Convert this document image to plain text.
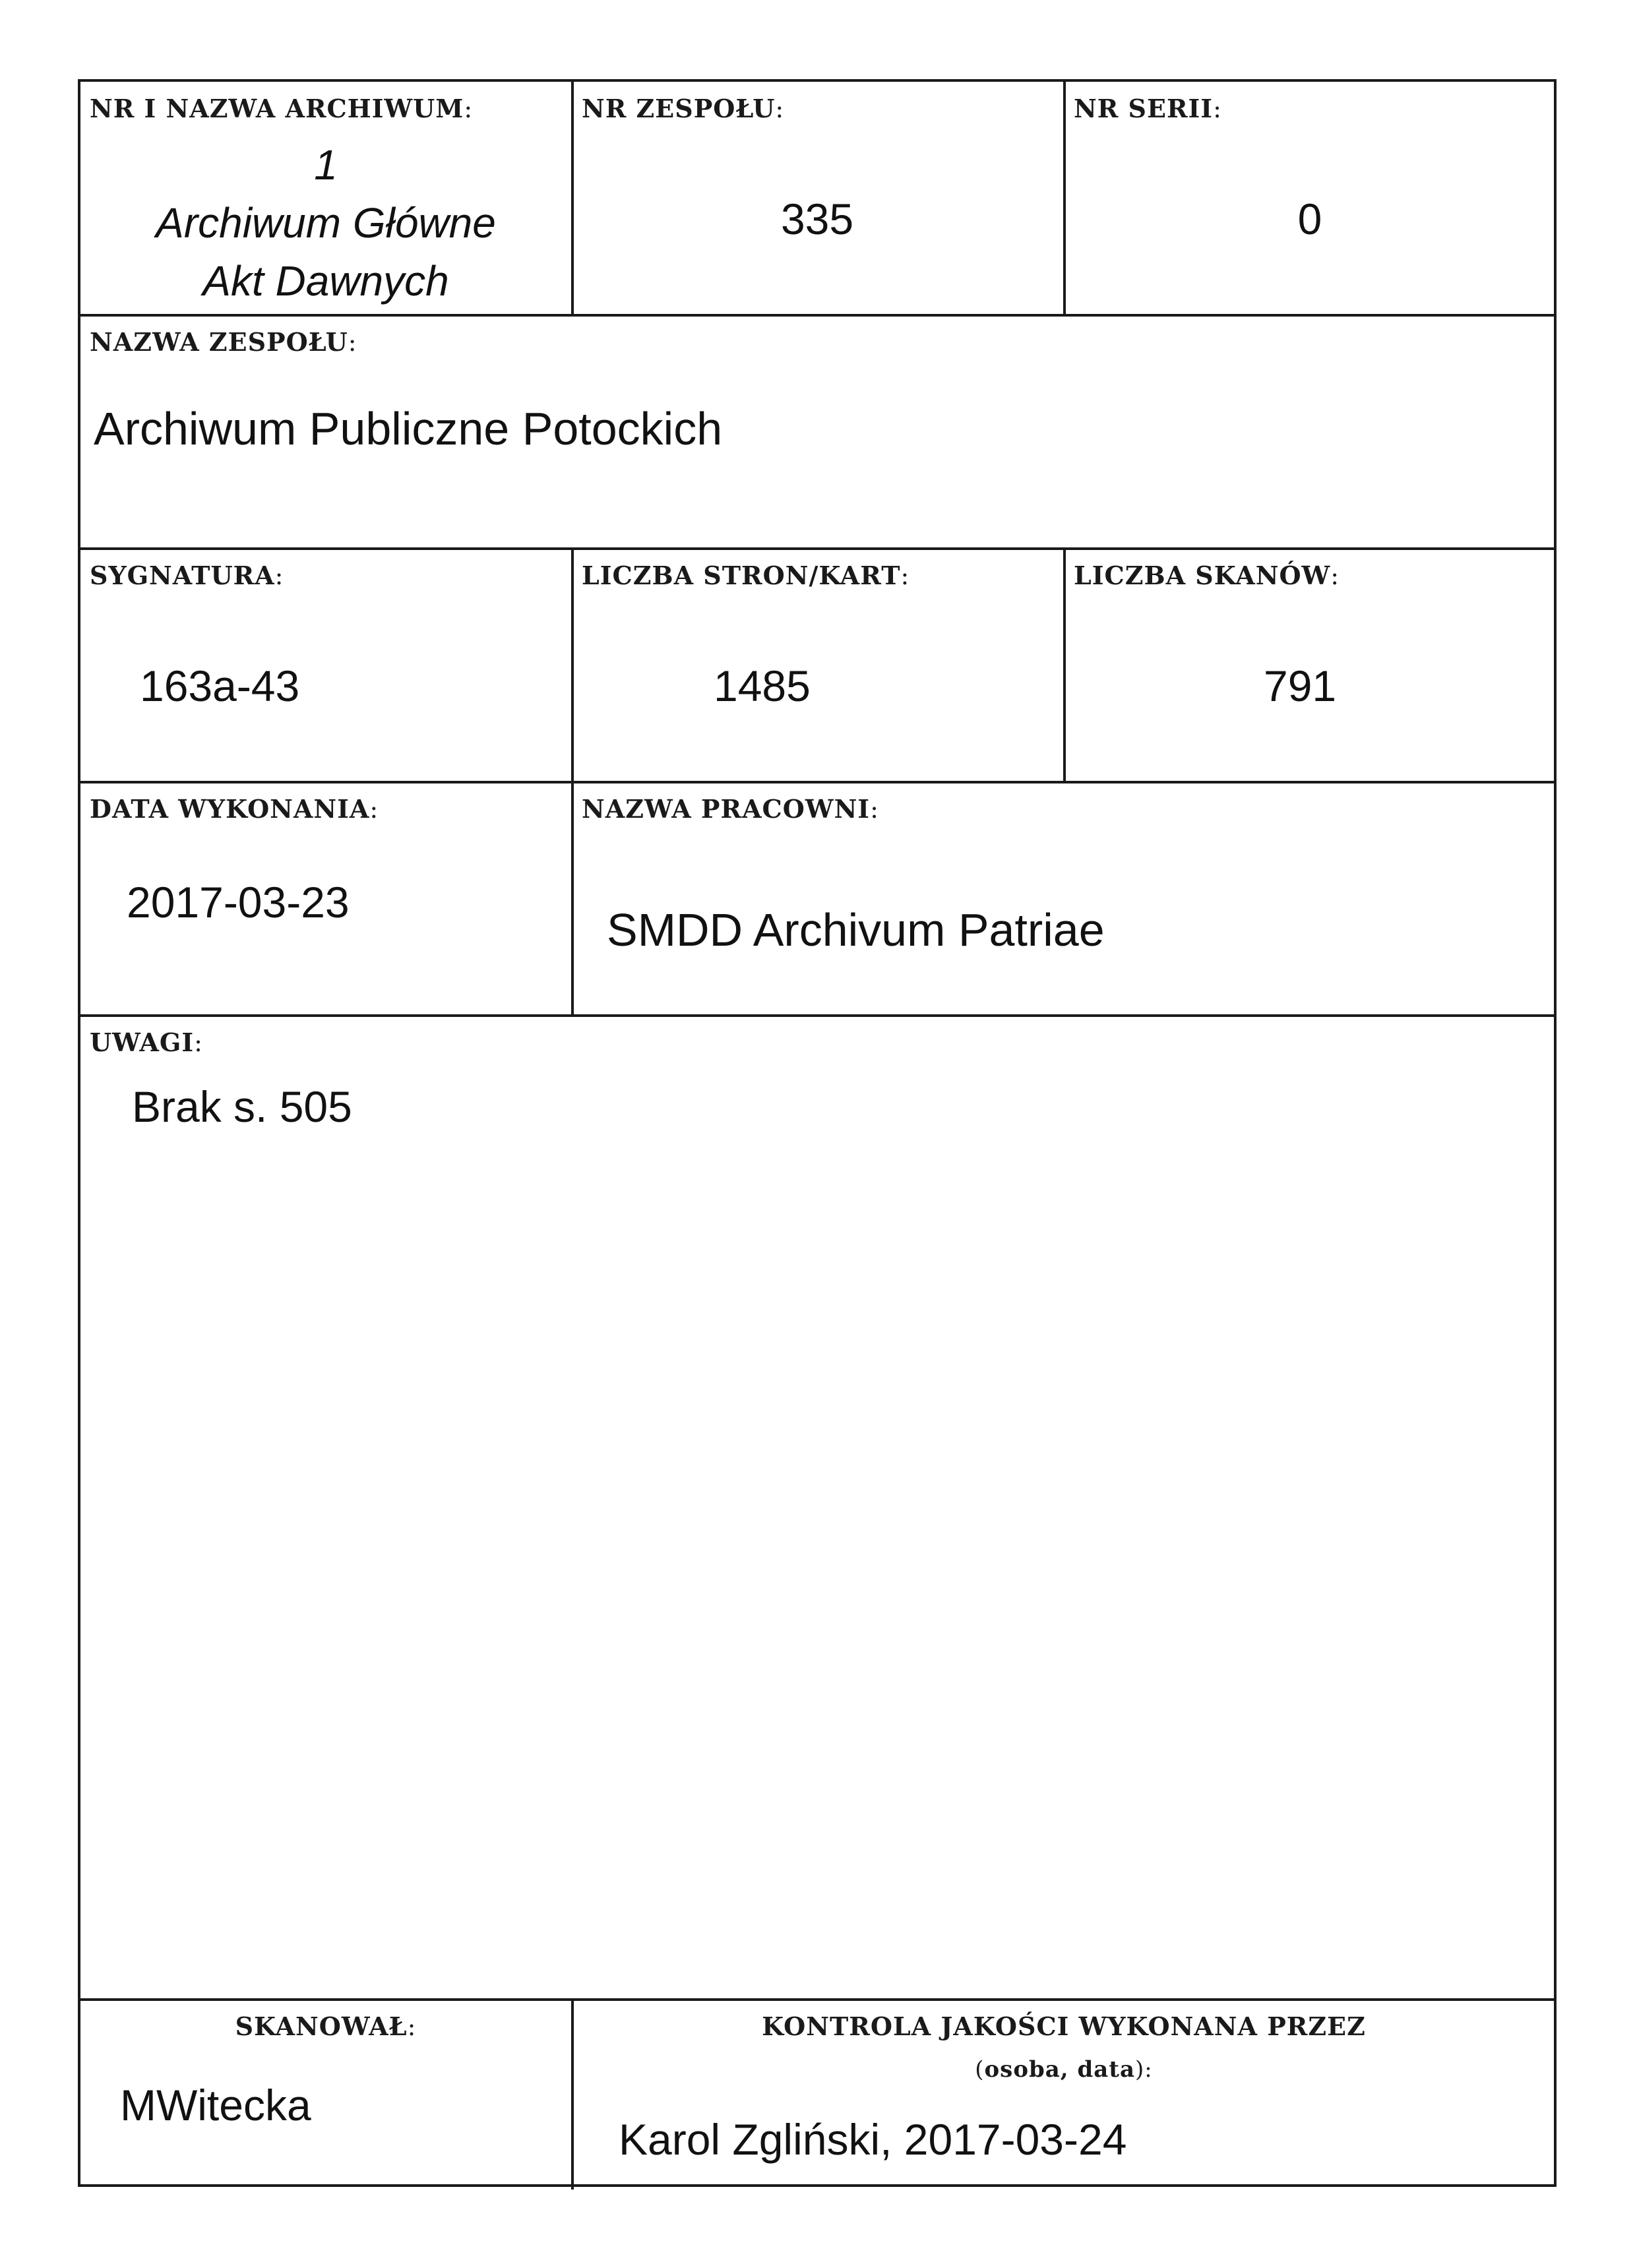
NR I NAZWA ARCHIWUM:
1
Archiwum Główne
Akt Dawnych
NR ZESPOŁU:
335
NR SERII:
0
NAZWA ZESPOŁU:
Archiwum Publiczne Potockich
SYGNATURA:
163a-43
LICZBA STRON/KART:
1485
LICZBA SKANÓW:
791
DATA WYKONANIA:
2017-03-23
NAZWA PRACOWNI:
SMDD Archivum Patriae
UWAGI:
Brak s. 505
SKANOWAŁ:
MWitecka
KONTROLA JAKOŚCI WYKONANA PRZEZ
(osoba, data):
Karol Zgliński, 2017-03-24
